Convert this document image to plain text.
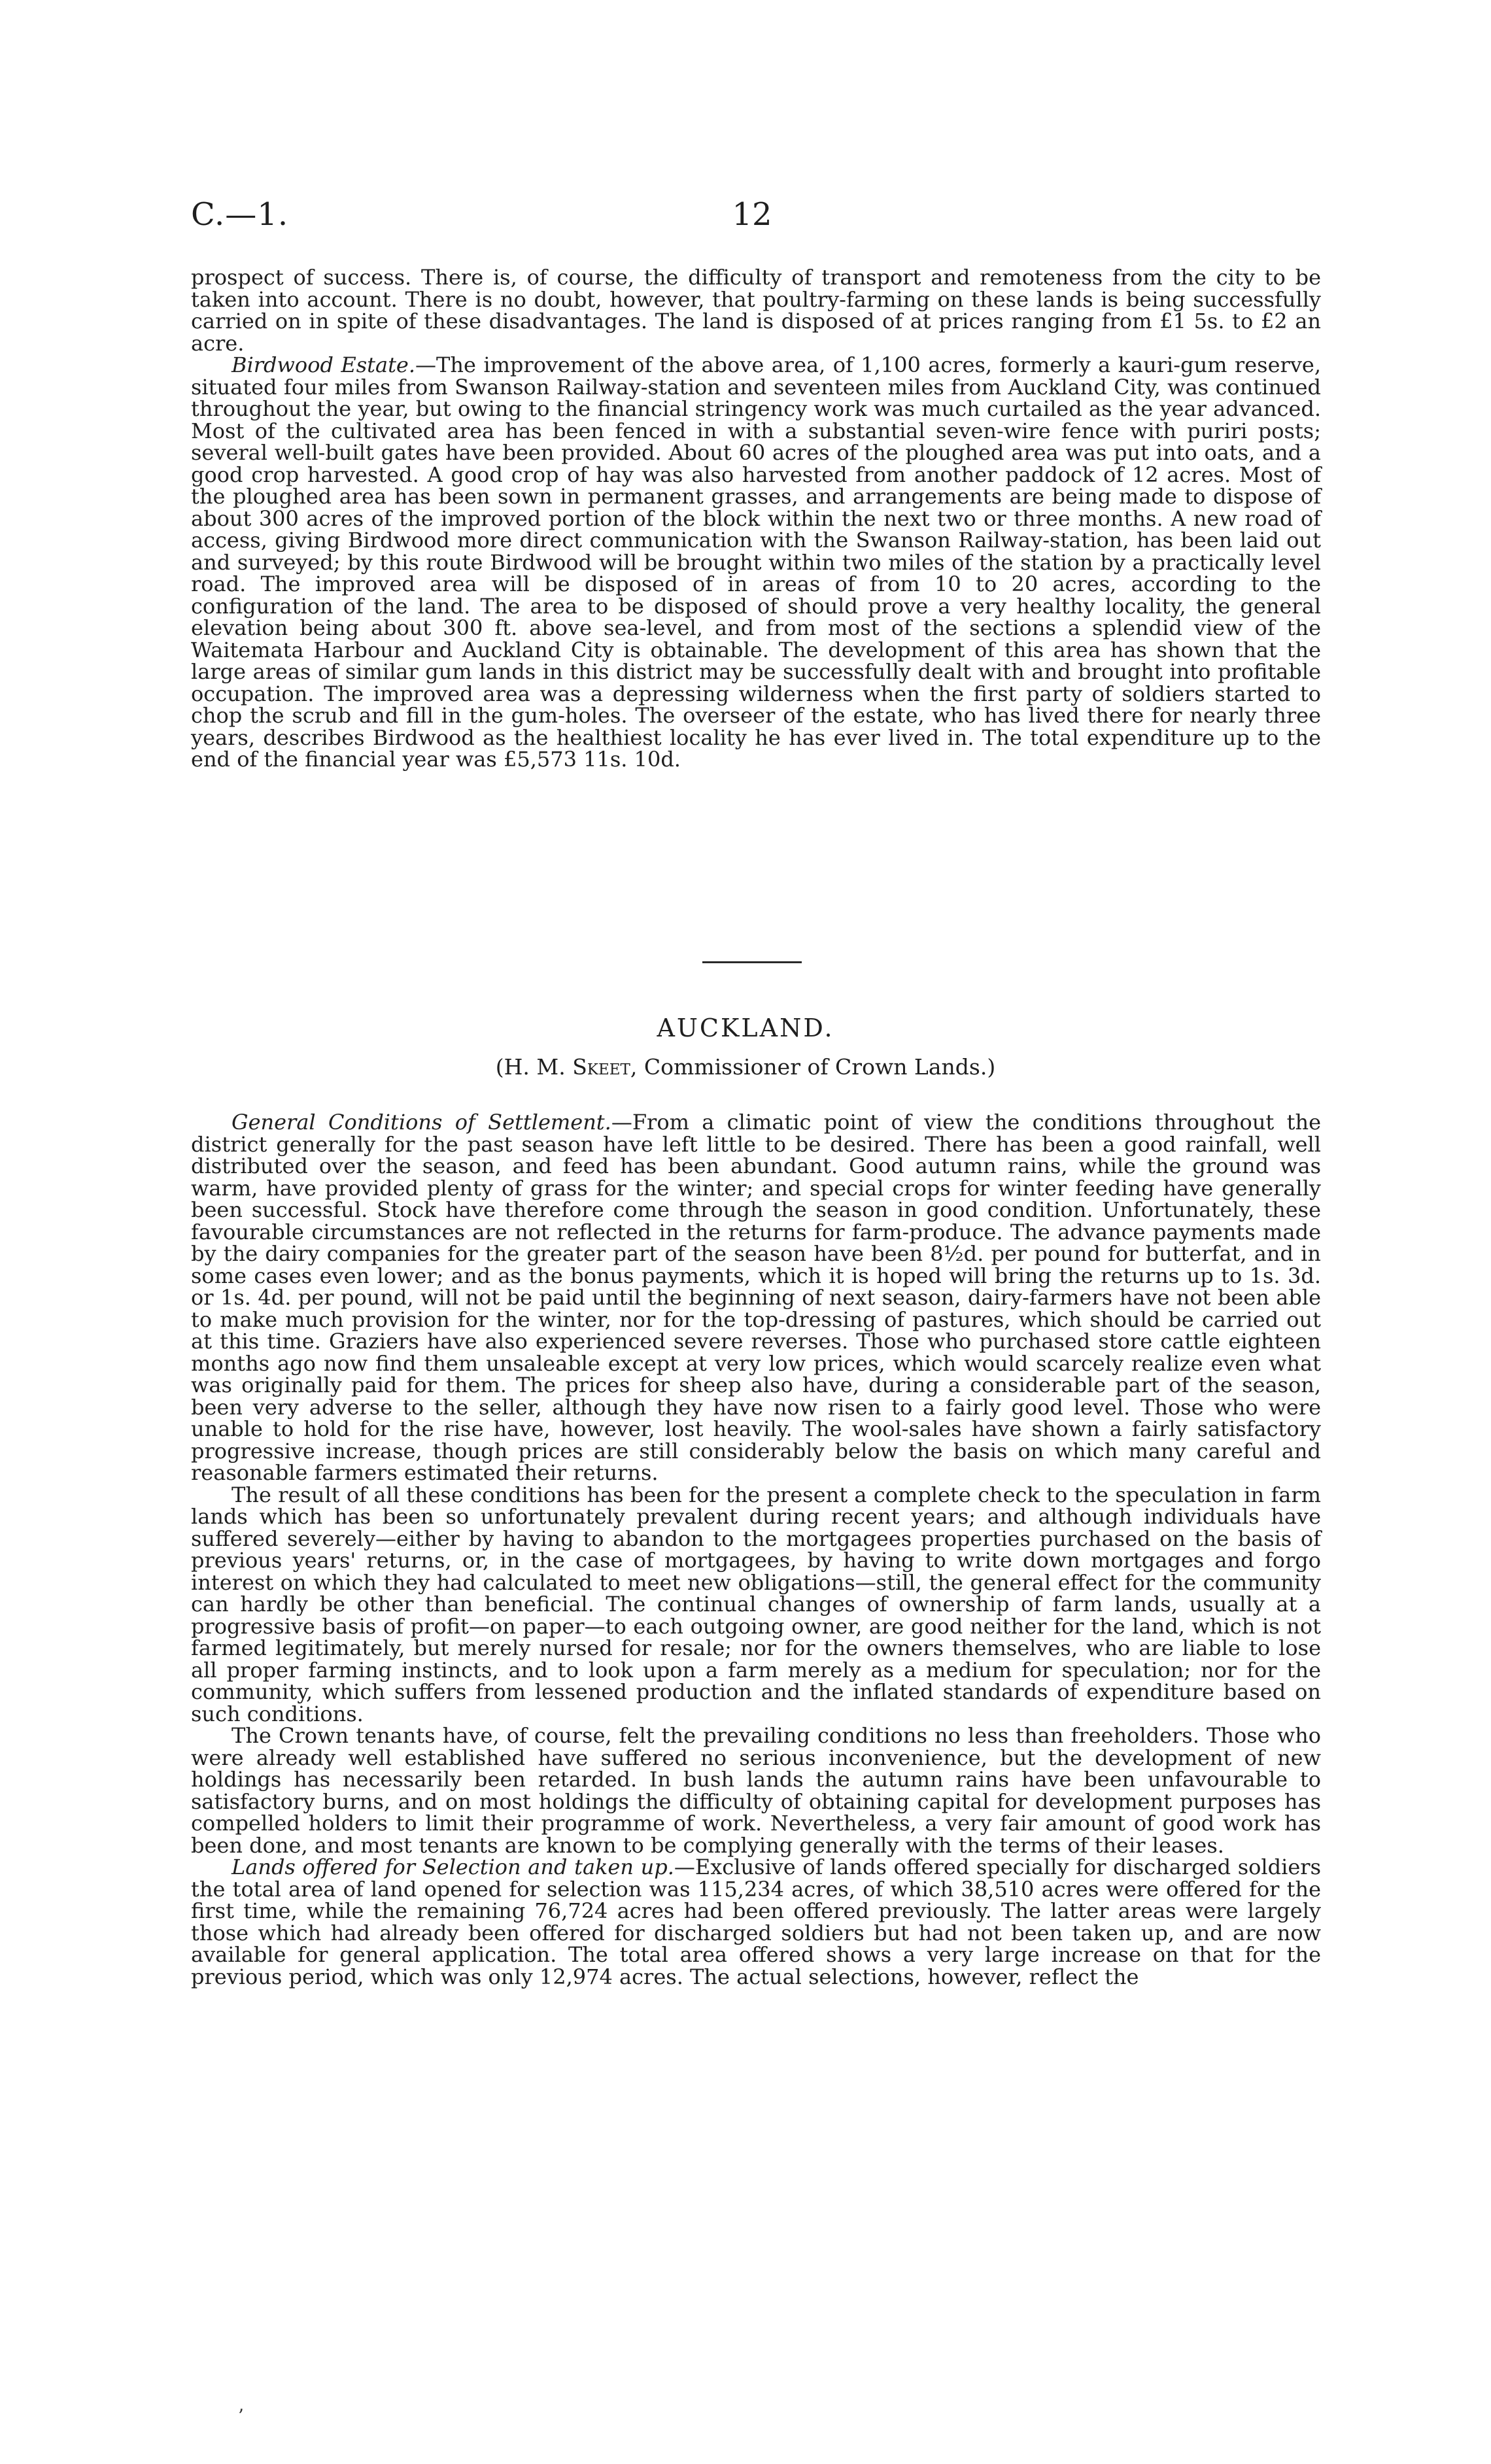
C.—1.	12

prospect of success. There is, of course, the difficulty of transport and remoteness from the city to be taken into account. There is no doubt, however, that poultry-farming on these lands is being successfully carried on in spite of these disadvantages. The land is disposed of at prices ranging from £1 5s. to £2 an acre.

Birdwood Estate.—The improvement of the above area, of 1,100 acres, formerly a kauri-gum reserve, situated four miles from Swanson Railway-station and seventeen miles from Auckland City, was continued throughout the year, but owing to the financial stringency work was much curtailed as the year advanced. Most of the cultivated area has been fenced in with a substantial seven-wire fence with puriri posts; several well-built gates have been provided. About 60 acres of the ploughed area was put into oats, and a good crop harvested. A good crop of hay was also harvested from another paddock of 12 acres. Most of the ploughed area has been sown in permanent grasses, and arrangements are being made to dispose of about 300 acres of the improved portion of the block within the next two or three months. A new road of access, giving Birdwood more direct communication with the Swanson Railway-station, has been laid out and surveyed; by this route Birdwood will be brought within two miles of the station by a practically level road. The improved area will be disposed of in areas of from 10 to 20 acres, according to the configuration of the land. The area to be disposed of should prove a very healthy locality, the general elevation being about 300 ft. above sea-level, and from most of the sections a splendid view of the Waitemata Harbour and Auckland City is obtainable. The development of this area has shown that the large areas of similar gum lands in this district may be successfully dealt with and brought into profitable occupation. The improved area was a depressing wilderness when the first party of soldiers started to chop the scrub and fill in the gum-holes. The overseer of the estate, who has lived there for nearly three years, describes Birdwood as the healthiest locality he has ever lived in. The total expenditure up to the end of the financial year was £5,573 11s. 10d.

AUCKLAND.
(H. M. Skeet, Commissioner of Crown Lands.)

General Conditions of Settlement.—From a climatic point of view the conditions throughout the district generally for the past season have left little to be desired. There has been a good rainfall, well distributed over the season, and feed has been abundant. Good autumn rains, while the ground was warm, have provided plenty of grass for the winter; and special crops for winter feeding have generally been successful. Stock have therefore come through the season in good condition. Unfortunately, these favourable circumstances are not reflected in the returns for farm-produce. The advance payments made by the dairy companies for the greater part of the season have been 8½d. per pound for butterfat, and in some cases even lower; and as the bonus payments, which it is hoped will bring the returns up to 1s. 3d. or 1s. 4d. per pound, will not be paid until the beginning of next season, dairy-farmers have not been able to make much provision for the winter, nor for the top-dressing of pastures, which should be carried out at this time. Graziers have also experienced severe reverses. Those who purchased store cattle eighteen months ago now find them unsaleable except at very low prices, which would scarcely realize even what was originally paid for them. The prices for sheep also have, during a considerable part of the season, been very adverse to the seller, although they have now risen to a fairly good level. Those who were unable to hold for the rise have, however, lost heavily. The wool-sales have shown a fairly satisfactory progressive increase, though prices are still considerably below the basis on which many careful and reasonable farmers estimated their returns.

The result of all these conditions has been for the present a complete check to the speculation in farm lands which has been so unfortunately prevalent during recent years; and although individuals have suffered severely—either by having to abandon to the mortgagees properties purchased on the basis of previous years' returns, or, in the case of mortgagees, by having to write down mortgages and forgo interest on which they had calculated to meet new obligations—still, the general effect for the community can hardly be other than beneficial. The continual changes of ownership of farm lands, usually at a progressive basis of profit—on paper—to each outgoing owner, are good neither for the land, which is not farmed legitimately, but merely nursed for resale; nor for the owners themselves, who are liable to lose all proper farming instincts, and to look upon a farm merely as a medium for speculation; nor for the community, which suffers from lessened production and the inflated standards of expenditure based on such conditions.

The Crown tenants have, of course, felt the prevailing conditions no less than freeholders. Those who were already well established have suffered no serious inconvenience, but the development of new holdings has necessarily been retarded. In bush lands the autumn rains have been unfavourable to satisfactory burns, and on most holdings the difficulty of obtaining capital for development purposes has compelled holders to limit their programme of work. Nevertheless, a very fair amount of good work has been done, and most tenants are known to be complying generally with the terms of their leases.

Lands offered for Selection and taken up.—Exclusive of lands offered specially for discharged soldiers the total area of land opened for selection was 115,234 acres, of which 38,510 acres were offered for the first time, while the remaining 76,724 acres had been offered previously. The latter areas were largely those which had already been offered for discharged soldiers but had not been taken up, and are now available for general application. The total area offered shows a very large increase on that for the previous period, which was only 12,974 acres. The actual selections, however, reflect the

’
